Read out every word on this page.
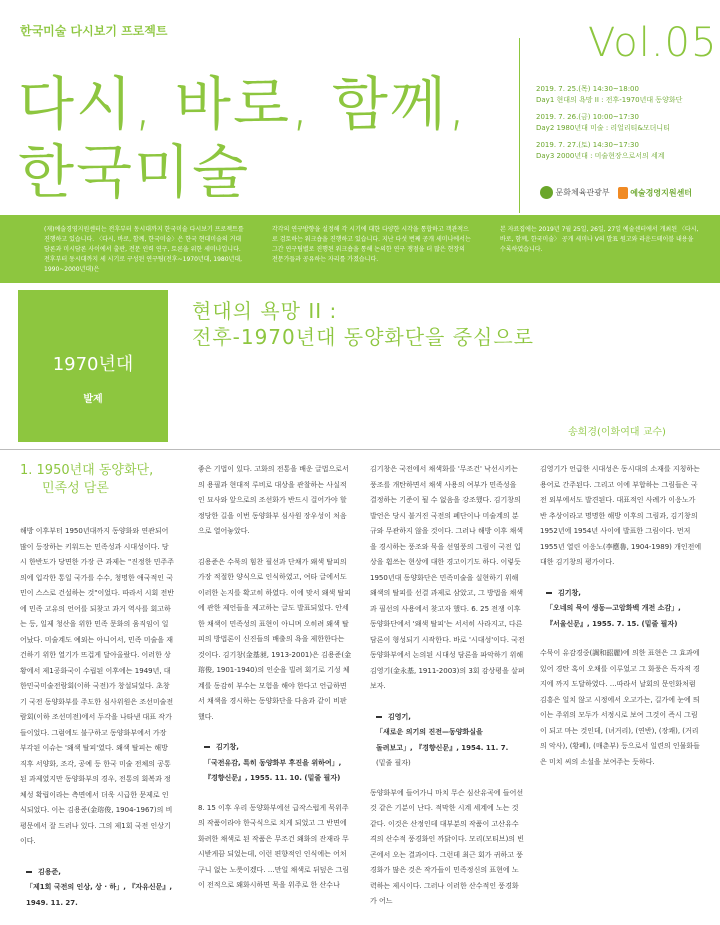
한국미술 다시보기 프로젝트	Vol.05
다시, 바로, 함께,
한국미술
2019. 7. 25.(목) 14:30~18:00
Day1 현대의 욕망 II : 전후-1970년대 동양화단
2019. 7. 26.(금) 10:00~17:30
Day2 1980년대 미술 : 리얼리티&모더니티
2019. 7. 27.(토) 14:30~17:30
Day3 2000년대 : 미술현장으로서의 세계
문화체육관광부	예술경영지원센터
(재)예술경영지원센터는 전후부터 동시대까지 한국미술 다시보기 프로젝트를 진행하고 있습니다. 〈다시, 바로, 함께, 한국미술〉은 한국 현대미술의 거대담론과 미시담론 사이에서 출판, 전문 인력 연구, 토론을 위한 세미나입니다. 전후부터 동시대까지 세 시기로 구성된 연구팀(전후~1970년대, 1980년대, 1990~2000년대)은
각각의 연구방향을 설정해 각 시기에 대한 다양한 시각을 통합하고 객관적으로 검토하는 워크숍을 진행하고 있습니다. 지난 다섯 번째 공개 세미나에서는 그간 연구팀별로 진행된 워크숍을 통해 논의한 연구 쟁점을 더 많은 현장의 전문가들과 공유하는 자리를 가졌습니다.
본 자료집에는 2019년 7월 25일, 26일, 27일 예술센터에서 개최된 〈다시, 바로, 함께, 한국미술〉 공개 세미나 V의 발표 원고와 라운드테이블 내용을 수록하였습니다.
1970년대
발제
현대의 욕망 II :
전후-1970년대 동양화단을 중심으로
송희경(이화여대 교수)
1. 1950년대 동양화단,
민족성 담론

해방 이후부터 1950년대까지 동양화와 연관되어 많이 등장하는 키워드는 민족성과 시대성이다. 당시 한반도가 당면한 가장 큰 과제는 "진정한 민주주의에 입각한 통일 국가를 수수, 청명한 애국적인 국민이 스스로 건설하는 것"이었다. 따라서 시회 전반에 민족 고유의 언어를 되찾고 과거 역사를 회고하는 등, 일제 청산을 위한 민족 문화의 움직임이 일어났다. 미술계도 예외는 아니어서, 민족 미술을 재건하기 위한 열기가 뜨겁게 달아올랐다. 이러한 상황에서 제1공화국이 수립된 이후에는 1949년, 대한민국미술전람회(이하 국전)가 창설되었다. 초창기 국전 동양화부를 주도한 심사위원은 조선미술전람회(이하 조선미전)에서 두각을 나타낸 대표 작가들이었다. 그럼에도 불구하고 동양화부에서 가장 부각된 이슈는 '왜색 탈피'였다. 왜색 탈피는 해방 직후 서양화, 조각, 공예 등 한국 미술 전체의 공통된 과제였지만 동양화부의 경우, 전통의 회복과 정체성 확립이라는 측면에서 더욱 시급한 문제로 인식되었다. 이는 김용준(金瑢俊, 1904-1967)의 비평문에서 잘 드러나 있다. 그의 제1회 국전 인상기이다.

김용준,
「제1회 국전의 인상, 상 · 하」, 『자유신문』,
1949. 11. 27.

좋은 기법이 있다. 고화의 전통을 배운 글법으로서의 용필과 현대적 루비로 대상을 관찰하는 사실적인 묘사와 앞으로의 조선화가 반드시 걸어가야 할 정당한 길을 이번 동양화부 심사원 장우성이 처음으로 열어놓았다.

김용준은 수묵의 힘찬 필선과 단채가 왜색 탈피의 가장 적절한 양식으로 인식하였고, 여타 글에서도 이러한 논지를 확고히 하였다. 이에 맞서 왜색 탈피에 관한 제언들을 제고하는 글도 발표되었다. 안세한 채색이 민족성의 표현이 아니며 오히려 왜색 탈피의 방법론이 신진들의 배출의 욕을 제한한다는 것이다. 김기창(金基昶, 1913-2001)은 김용준(金瑢俊, 1901-1940)의 인순을 빌려 회기로 기성 체계를 동감히 부수는 모험을 해야 한다고 언급하면서 채색을 경시하는 동양화단을 다음과 같이 비판했다.

김기창,
「국전유감, 특히 동양화부 후진을 위하여」,
『경향신문』, 1955. 11. 10. (밑줄 필자)

8. 15 이후 우리 동양화부에선 급작스럽게 묵위주의 작품이라야 한국식으로 치게 되었고 그 반면에 화려한 채색로 된 작품은 무조건 왜화의 잔재라 무시받게끔 되었는데, 이런 편향적인 인식에는 어처구니 없는 노릇이겠다. …만일 채색로 뒤덮은 그림이 전적으로 왜화시하면 묵을 위주로 한 산수나

김기창은 국전에서 채색화를 '무조건' 낙선시키는 풍조를 개탄하면서 채색 사용의 여부가 민족성을 결정하는 기준이 될 수 없음을 강조했다. 김기창의 발언은 당시 불거진 국전의 폐단이나 미술계의 분규와 무관하지 않을 것이다. 그러나 해방 이후 채색을 경시하는 풍조와 묵을 선염풍의 그림이 국전 입상을 휩쓰는 현상에 대한 경고이기도 하다. 이렇듯 1950년대 동양화단은 민족미술을 실현하기 위해 왜색의 탈피를 선결 과제로 삼았고, 그 방법을 채색과 필선의 사용에서 찾고자 했다. 6. 25 전쟁 이후 동양화단에서 '왜색 탈피'는 서서히 사라지고, 다른 담론이 형성되기 시작한다. 바로 '시대성'이다. 국전 동양화부에서 논의된 시대성 담론을 파악하기 위해 김영기(金永基, 1911-2003)의 3회 감상평을 살펴보자.

김영기,
「새로운 의기의 진전—동양화실을
돌려보고」, 『경향신문』, 1954. 11. 7.
(밑줄 필자)

동양화부에 들어가니 마치 무슨 심산유곡에 들어선 것 같은 기분이 난다. 적막한 시계 세계에 노는 것 같다. 이것은 산정인데 대부분의 작품이 고산유수격의 산수적 풍경화인 까닭이다. 모리(모티브)의 빈곤에서 오는 결과이다. 그런데 최근 회가 귀하고 풍경화가 많은 것은 작가들이 민족정신의 표현에 노력하는 제시이다. 그러나 이러한 산수적인 풍경화가 어느

김영기가 언급한 시대성은 동시대의 소재를 지칭하는 용어로 간주된다. 그리고 이에 부합하는 그림들은 국전 외부에서도 발견된다. 대표적인 사례가 이응노가 반 추상이라고 명명한 해방 이후의 그림과, 김기창의 1952년에 1954년 사이에 발표한 그림이다. 먼저 1955년 열린 이응노(李應魯, 1904-1989) 개인전에 대한 김기창의 평가이다.

김기창,
「오네의 묵이 생동—고암화백 개전 소감」,
『서울신문』, 1955. 7. 15. (밑줄 필자)

수묵이 유감경중(調和韶麗)에 의한 표현은 그 효과에 있어 경탄 혹이 오채를 이루었고 그 화풍은 독자적 경지에 까지 도달하였다. …따라서 날회의 문인화처럼 김흥은 일치 않고 시정에서 오고가는, 길가에 눈에 띄이는 주위의 모두가 서정시로 보여 그것이 즉시 그림이 되고 마는 것인데, (녀거리), (연반), (장쾌), (거리의 악사), (황폐), (매춘부) 등으로서 일련의 인물화들은 미치 씨의 소설을 보여주는 듯하다.
